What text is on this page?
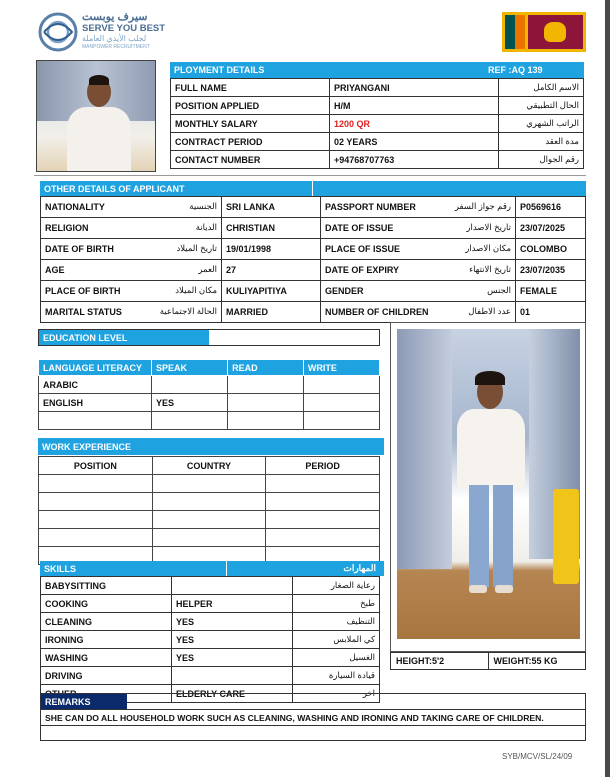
سيرف يوبست
SERVE YOU BEST
لجلب الأيدي العاملة
MANPOWER RECRUITMENT
PLOYMENT DETAILS	REF :AQ 139
FULL NAME	PRIYANGANI	الاسم الكامل
POSITION APPLIED	H/M	الحال التطبيقي
MONTHLY SALARY	1200 QR	الراتب الشهري
CONTRACT PERIOD	02 YEARS	مدة العقد
CONTACT NUMBER	+94768707763	رقم الجوال
OTHER DETAILS OF APPLICANT
NATIONALITY الجنسية	SRI LANKA	PASSPORT NUMBER رقم جواز السفر	P0569616
RELIGION الديانة	CHRISTIAN	DATE OF ISSUE تاريخ الاصدار	23/07/2025
DATE OF BIRTH تاريخ الميلاد	19/01/1998	PLACE OF ISSUE مكان الاصدار	COLOMBO
AGE العمر	27	DATE OF EXPIRY تاريخ الانتهاء	23/07/2035
PLACE OF BIRTH مكان الميلاد	KULIYAPITIYA	GENDER الجنس	FEMALE
MARITAL STATUS الحالة الاجتماعية	MARRIED	NUMBER OF CHILDREN عدد الاطفال	01
EDUCATION LEVEL
LANGUAGE LITERACY	SPEAK	READ	WRITE
ARABIC			
ENGLISH	YES		

WORK EXPERIENCE
POSITION	COUNTRY	PERIOD

HEIGHT:5'2	WEIGHT:55 KG
SKILLS	المهارات
BABYSITTING		رعاية الصغار
COOKING	HELPER	طبخ
CLEANING	YES	التنظيف
IRONING	YES	كي الملابس
WASHING	YES	الغسيل
DRIVING		قيادة السيارة
	ELDERLY CARE	اخر
REMARKS
SHE CAN DO ALL HOUSEHOLD WORK SUCH AS CLEANING, WASHING AND IRONING AND TAKING CARE OF CHILDREN.
SYB/MCV/SL/24/09
